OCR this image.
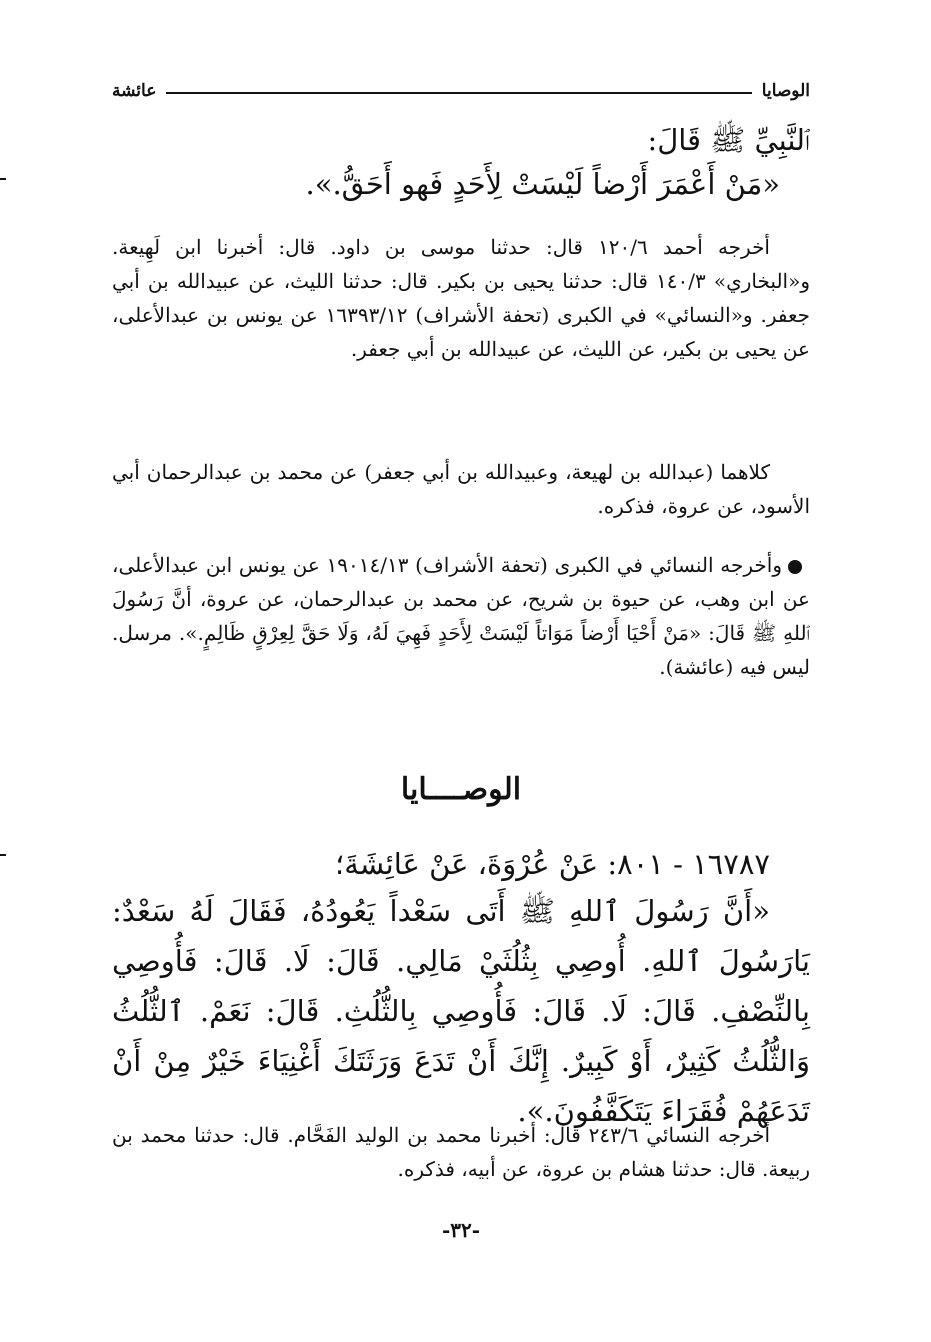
الوصايا
عائشة
ٱلنَّبِيِّ ﷺ قَالَ:
«مَنْ أَعْمَرَ أَرْضاً لَيْسَتْ لِأَحَدٍ فَهو أَحَقُّ.».
أخرجه أحمد ١٢٠/٦ قال: حدثنا موسى بن داود. قال: أخبرنا ابن لَهِيعة. و«البخاري» ١٤٠/٣ قال: حدثنا يحيى بن بكير. قال: حدثنا الليث، عن عبيدالله بن أبي جعفر. و«النسائي» في الكبرى (تحفة الأشراف) ١٦٣٩٣/١٢ عن يونس بن عبدالأعلى، عن يحيى بن بكير، عن الليث، عن عبيدالله بن أبي جعفر.
كلاهما (عبدالله بن لهيعة، وعبيدالله بن أبي جعفر) عن محمد بن عبدالرحمان أبي الأسود، عن عروة، فذكره.
وأخرجه النسائي في الكبرى (تحفة الأشراف) ١٩٠١٤/١٣ عن يونس ابن عبدالأعلى، عن ابن وهب، عن حيوة بن شريح، عن محمد بن عبدالرحمان، عن عروة، أنَّ رَسُولَ ٱللهِ ﷺ قَالَ: «مَنْ أَحْيَا أَرْضاً مَوَاتاً لَيْسَتْ لِأَحَدٍ فَهِيَ لَهُ، وَلَا حَقَّ لِعِرْقٍ ظَالِمٍ.». مرسل. ليس فيه (عائشة).
الوصــــايا
١٦٧٨٧ - ٨٠١: عَنْ عُرْوَةَ، عَنْ عَائِشَةَ؛
«أَنَّ رَسُولَ ٱللهِ ﷺ أَتَى سَعْداً يَعُودُهُ، فَقَالَ لَهُ سَعْدٌ: يَارَسُولَ ٱللهِ. أُوصِي بِثُلُثَيْ مَالِي. قَالَ: لَا. قَالَ: فَأُوصِي بِالنِّصْفِ. قَالَ: لَا. قَالَ: فَأُوصِي بِالثُّلُثِ. قَالَ: نَعَمْ. ٱلثُّلُثُ وَالثُّلُثُ كَثِيرٌ، أَوْ كَبِيرٌ. إِنَّكَ أَنْ تَدَعَ وَرَثَتَكَ أَغْنِيَاءَ خَيْرٌ مِنْ أَنْ تَدَعَهُمْ فُقَرَاءَ يَتَكَفَّفُونَ.».
أخرجه النسائي ٢٤٣/٦ قال: أخبرنا محمد بن الوليد الفَحَّام. قال: حدثنا محمد بن ربيعة. قال: حدثنا هشام بن عروة، عن أبيه، فذكره.
-٣٢-
